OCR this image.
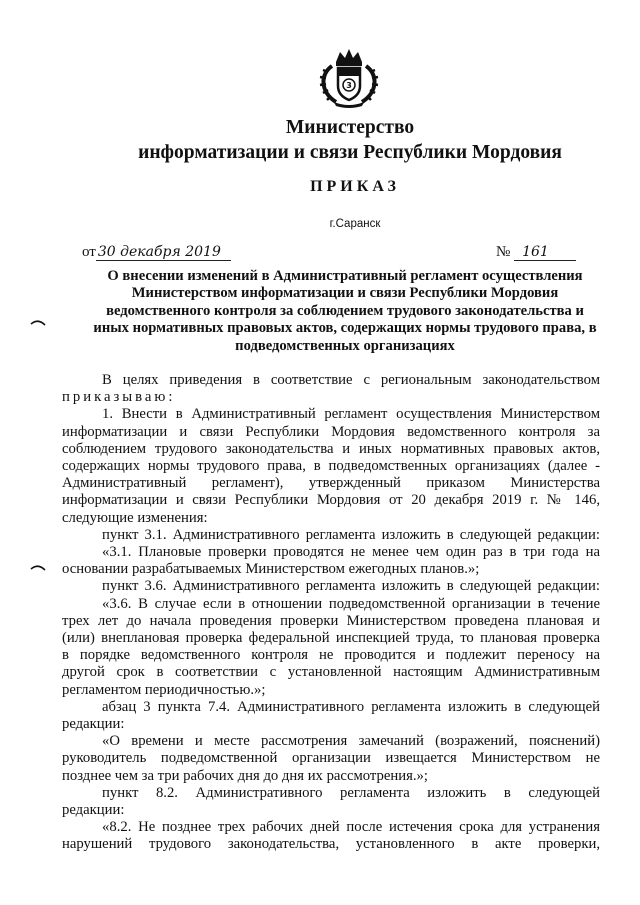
3
Министерство
информатизации и связи Республики Мордовия
ПРИКАЗ
г.Саранск
от 30 декабря 2019	№ 161
О внесении изменений в Административный регламент осуществления
Министерством информатизации и связи Республики Мордовия
ведомственного контроля за соблюдением трудового законодательства и
иных нормативных правовых актов, содержащих нормы трудового права, в
подведомственных организациях
В целях приведения в соответствие с региональным законодательством
приказываю:
1. Внести в Административный регламент осуществления Министерством
информатизации и связи Республики Мордовия ведомственного контроля за
соблюдением трудового законодательства и иных нормативных правовых актов,
содержащих нормы трудового права, в подведомственных организациях (далее -
Административный регламент), утвержденный приказом Министерства
информатизации и связи Республики Мордовия от 20 декабря 2019 г. № 146,
следующие изменения:
пункт 3.1. Административного регламента изложить в следующей редакции:
«3.1. Плановые проверки проводятся не менее чем один раз в три года на
основании разрабатываемых Министерством ежегодных планов.»;
пункт 3.6. Административного регламента изложить в следующей редакции:
«3.6. В случае если в отношении подведомственной организации в течение
трех лет до начала проведения проверки Министерством проведена плановая и
(или) внеплановая проверка федеральной инспекцией труда, то плановая проверка
в порядке ведомственного контроля не проводится и подлежит переносу на
другой срок в соответствии с установленной настоящим Административным
регламентом периодичностью.»;
абзац 3 пункта 7.4. Административного регламента изложить в следующей
редакции:
«О времени и месте рассмотрения замечаний (возражений, пояснений)
руководитель подведомственной организации извещается Министерством не
позднее чем за три рабочих дня до дня их рассмотрения.»;
пункт 8.2. Административного регламента изложить в следующей
редакции:
«8.2. Не позднее трех рабочих дней после истечения срока для устранения
нарушений трудового законодательства, установленного в акте проверки,
